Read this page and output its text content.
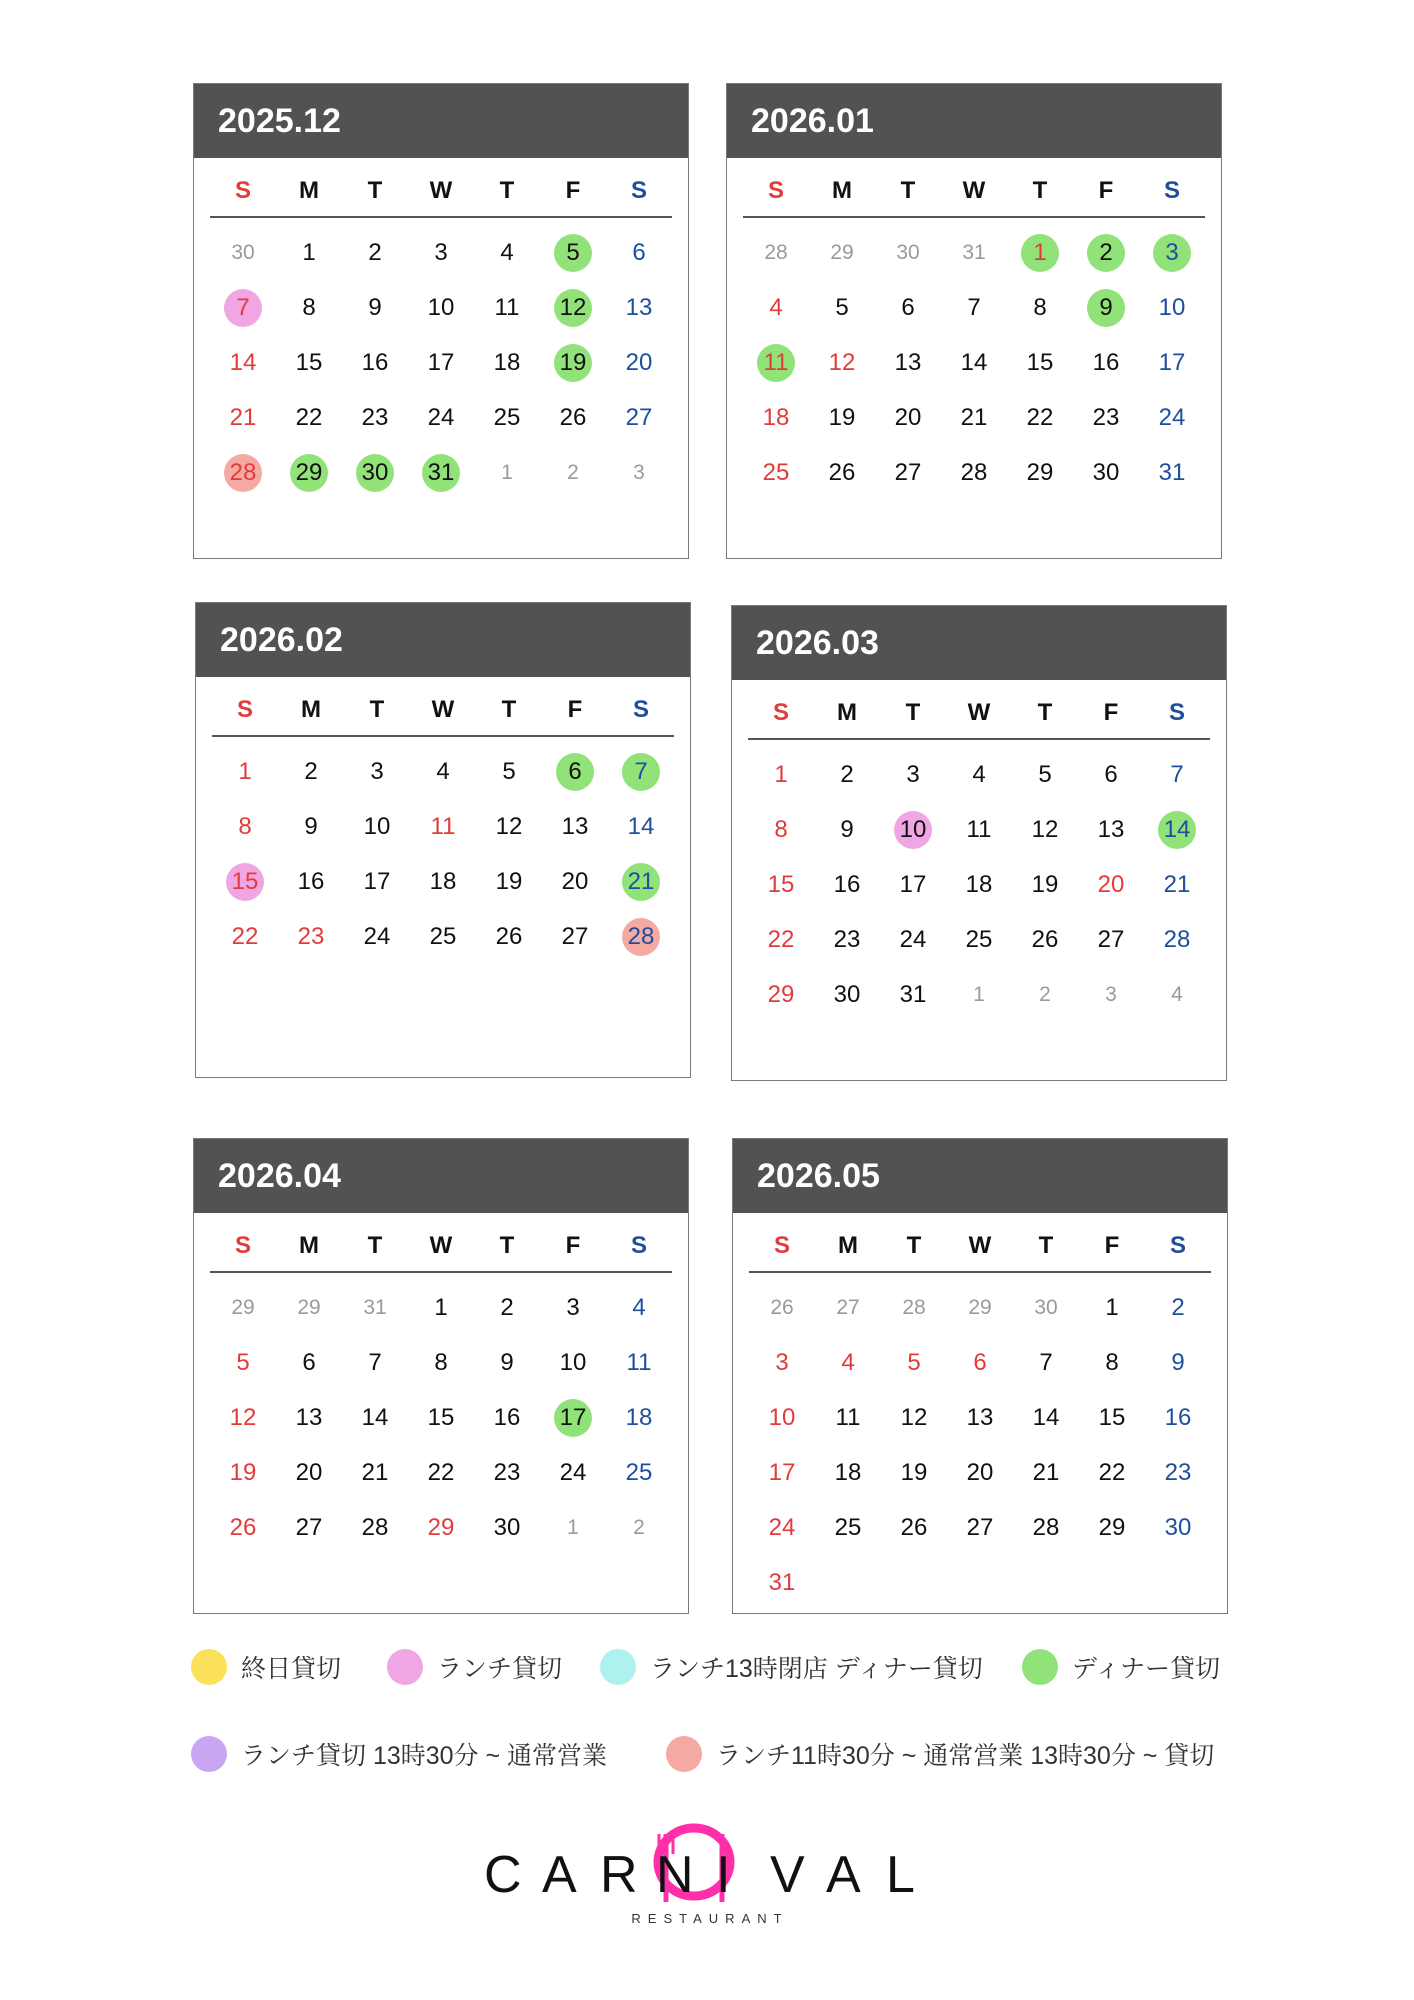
2025.12
S	M	T	W	T	F	S
30	1	2	3	4	5	6
7	8	9	10 11 12 13
14 15 16 17 18 19 20
21 22 23 24 25 26 27
28 29 30 31	1	2	3
2026.01
S	M	T	W	T	F	S
28	29	30	31	1	2	3
4	5	6	7	8	9	10
11 12 13 14 15 16 17
18 19 20 21 22 23 24
25 26 27 28 29 30 31
2026.02
S	M	T	W	T	F	S
1	2	3	4	5	6	7
8	9	10 11 12 13 14
15 16 17 18 19 20 21
22 23 24 25 26 27 28
2026.03
S	M	T	W	T	F	S
1	2	3	4	5	6	7
8	9	10 11 12 13 14
15 16 17 18 19 20 21
22 23 24 25 26 27 28
29 30 31	1	2	3	4
2026.04
S	M	T	W	T	F	S
29	29	31	1	2	3	4
5	6	7	8	9	10 11
12 13 14 15 16 17 18
19 20 21 22 23 24 25
26 27 28 29 30	1	2
2026.05
S	M	T	W	T	F	S
26	27	28	29	30	1	2
3	4	5	6	7	8	9
10 11 12 13 14 15 16
17 18 19 20 21 22 23
24 25 26 27 28 29 30
31
終日貸切	ランチ貸切	ランチ13時閉店 ディナー貸切	ディナー貸切
ランチ貸切 13時30分 ~ 通常営業	ランチ11時30分 ~ 通常営業 13時30分 ~ 貸切
C A R N I V A L
RESTAURANT
